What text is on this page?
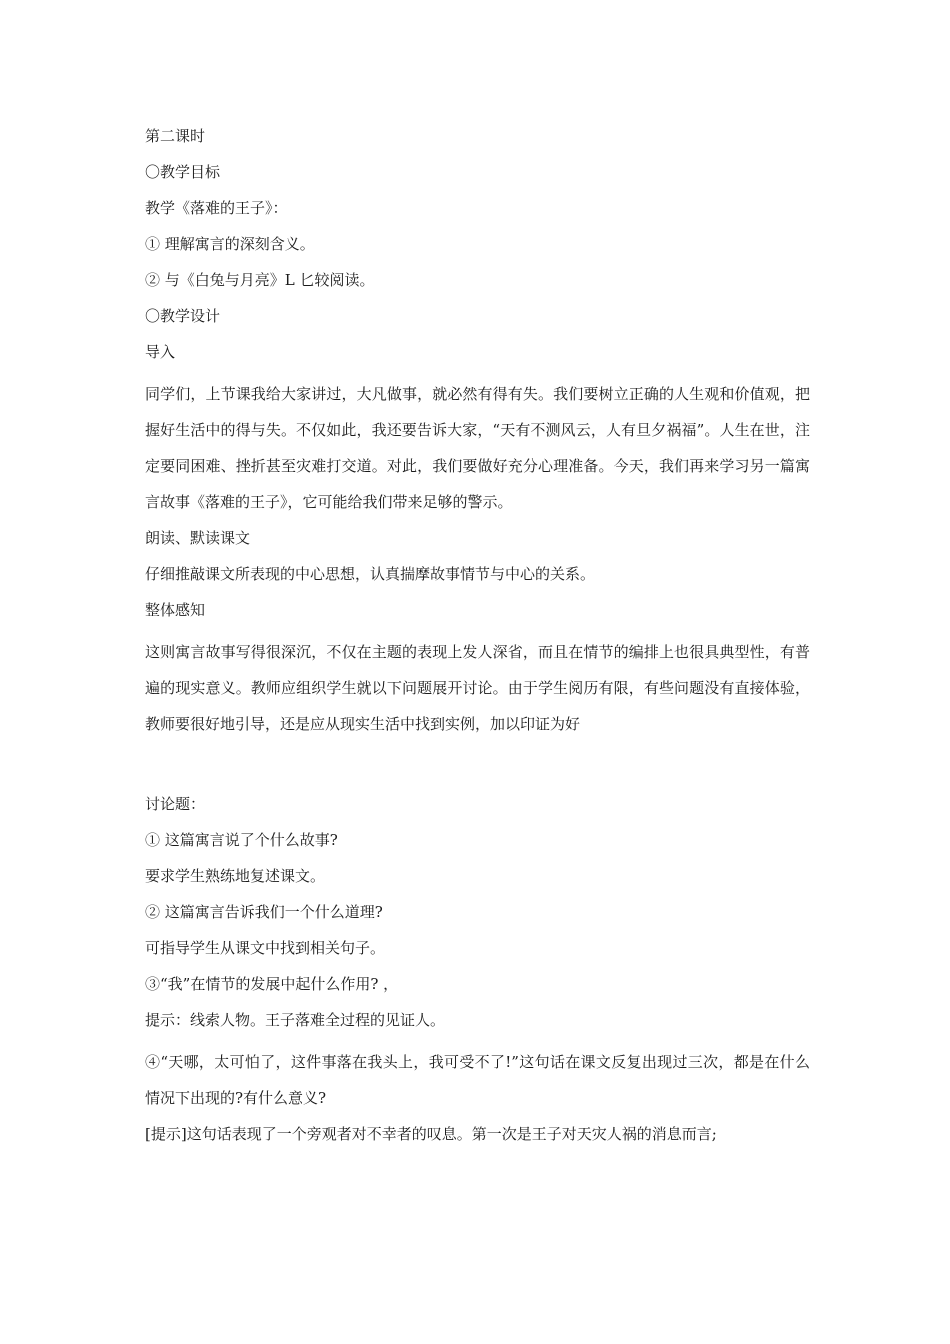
第二课时
〇教学目标
教学《落难的王子》：
① 理解寓言的深刻含义。
② 与《白兔与月亮》L 匕较阅读。
〇教学设计
导入
同学们，上节课我给大家讲过，大凡做事，就必然有得有失。我们要树立正确的人生观和价值观，把握好生活中的得与失。不仅如此，我还要告诉大家，“天有不测风云，人有旦夕祸福”。人生在世，注定要同困难、挫折甚至灾难打交道。对此，我们要做好充分心理准备。今天，我们再来学习另一篇寓言故事《落难的王子》，它可能给我们带来足够的警示。
朗读、默读课文
仔细推敲课文所表现的中心思想，认真揣摩故事情节与中心的关系。
整体感知
这则寓言故事写得很深沉，不仅在主题的表现上发人深省，而且在情节的编排上也很具典型性，有普遍的现实意义。教师应组织学生就以下问题展开讨论。由于学生阅历有限，有些问题没有直接体验，教师要很好地引导，还是应从现实生活中找到实例，加以印证为好
讨论题：
① 这篇寓言说了个什么故事?
要求学生熟练地复述课文。
② 这篇寓言告诉我们一个什么道理?
可指导学生从课文中找到相关句子。
③“我”在情节的发展中起什么作用? ，
提示：线索人物。王子落难全过程的见证人。
④“天哪，太可怕了，这件事落在我头上，我可受不了!”这句话在课文反复出现过三次，都是在什么情况下出现的?有什么意义?
[提示]这句话表现了一个旁观者对不幸者的叹息。第一次是王子对天灾人祸的消息而言;
